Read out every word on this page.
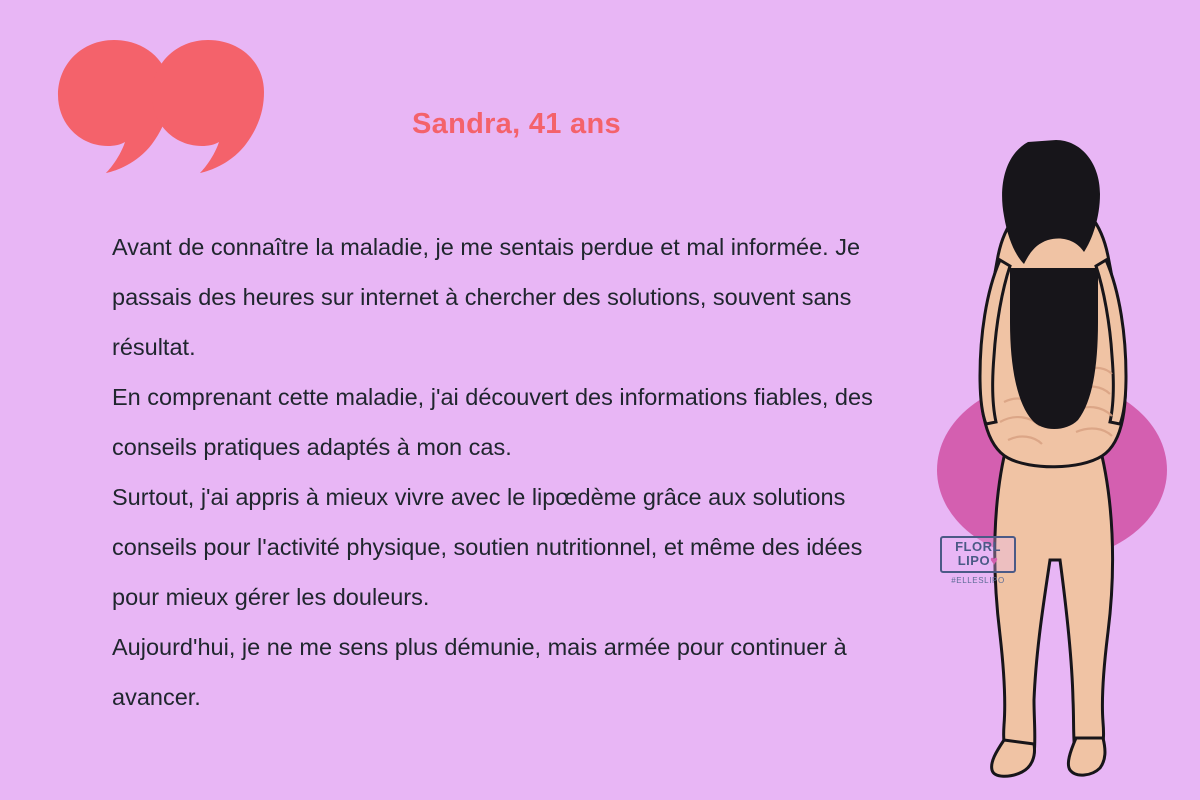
Sandra, 41 ans

Avant de connaître la maladie, je me sentais perdue et mal informée. Je passais des heures sur internet à chercher des solutions, souvent sans résultat.

En comprenant cette maladie, j'ai découvert des informations fiables, des conseils pratiques adaptés à mon cas.

Surtout, j'ai appris à mieux vivre avec le lipœdème grâce aux solutions conseils pour l'activité physique, soutien nutritionnel, et même des idées pour mieux gérer les douleurs.

Aujourd'hui, je ne me sens plus démunie, mais armée pour continuer à avancer.

FLORL
LIPO♥
#ELLESLIPO
